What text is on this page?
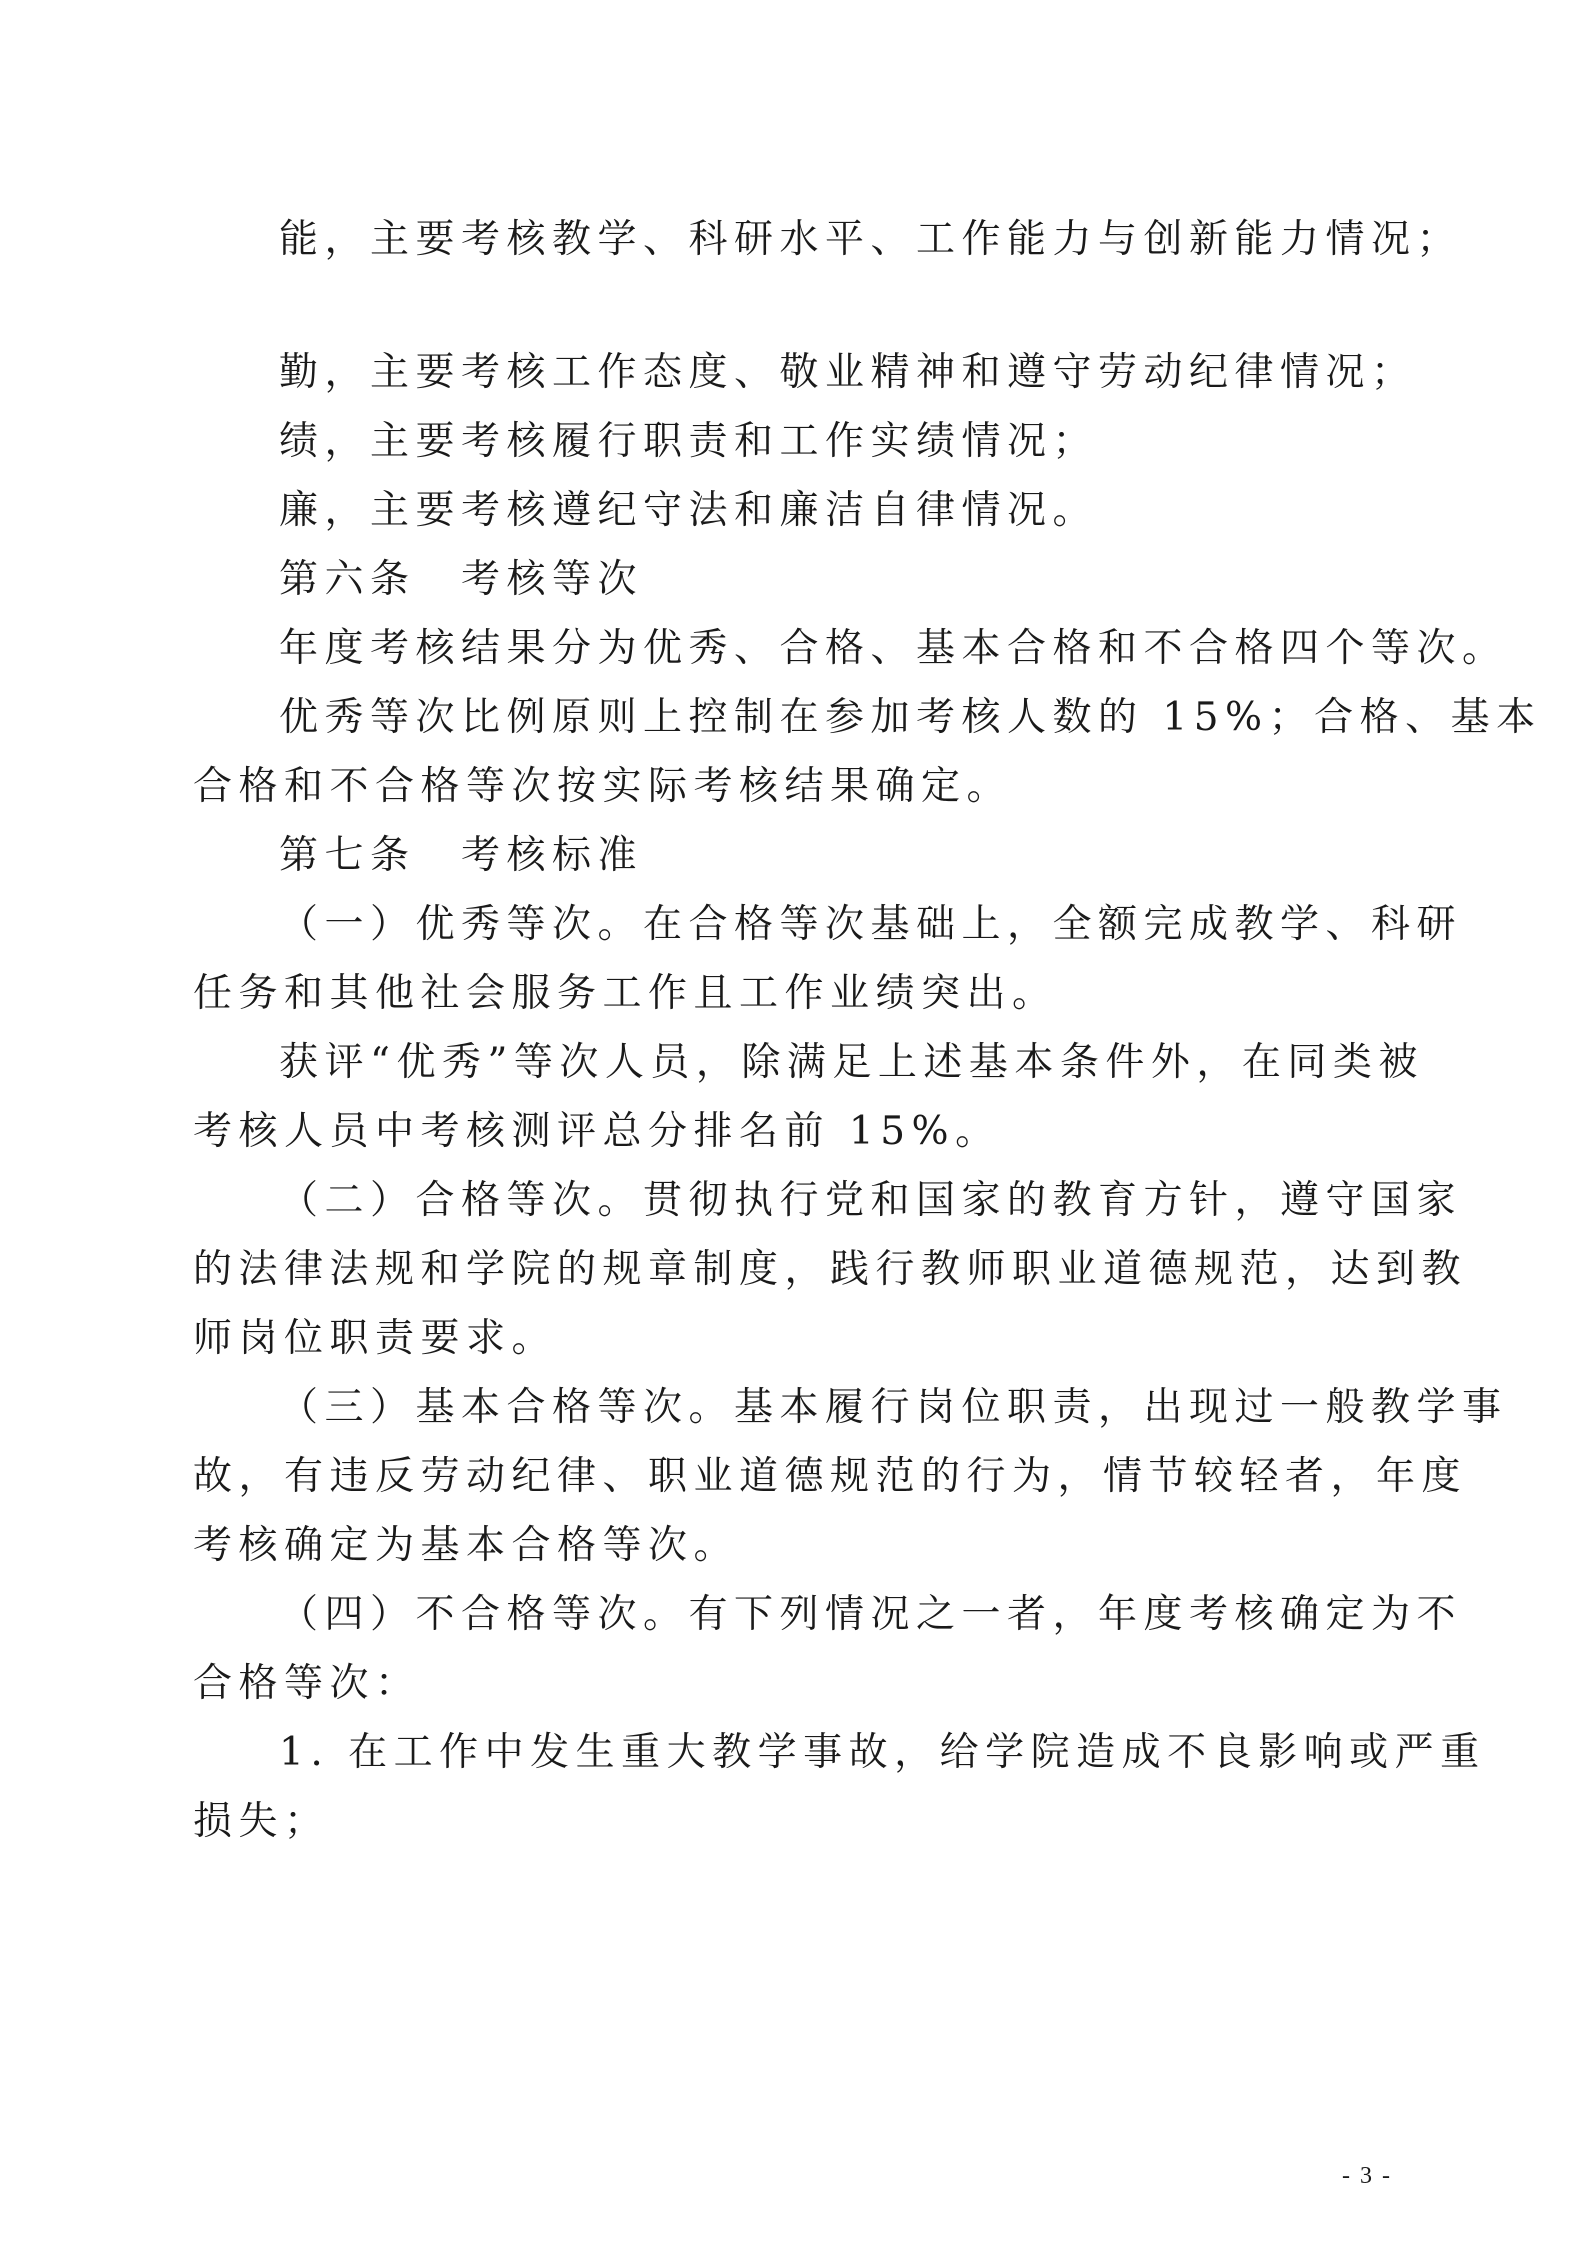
能，主要考核教学、科研水平、工作能力与创新能力情况；
勤，主要考核工作态度、敬业精神和遵守劳动纪律情况；
绩，主要考核履行职责和工作实绩情况；
廉，主要考核遵纪守法和廉洁自律情况。
第六条　考核等次
年度考核结果分为优秀、合格、基本合格和不合格四个等次。
优秀等次比例原则上控制在参加考核人数的 15%；合格、基本
合格和不合格等次按实际考核结果确定。
第七条　考核标准
（一）优秀等次。在合格等次基础上，全额完成教学、科研
任务和其他社会服务工作且工作业绩突出。
获评“优秀”等次人员，除满足上述基本条件外，在同类被
考核人员中考核测评总分排名前 15%。
（二）合格等次。贯彻执行党和国家的教育方针，遵守国家
的法律法规和学院的规章制度，践行教师职业道德规范，达到教
师岗位职责要求。
（三）基本合格等次。基本履行岗位职责，出现过一般教学事
故，有违反劳动纪律、职业道德规范的行为，情节较轻者，年度
考核确定为基本合格等次。
（四）不合格等次。有下列情况之一者，年度考核确定为不
合格等次：
1. 在工作中发生重大教学事故，给学院造成不良影响或严重
损失；
- 3 -
